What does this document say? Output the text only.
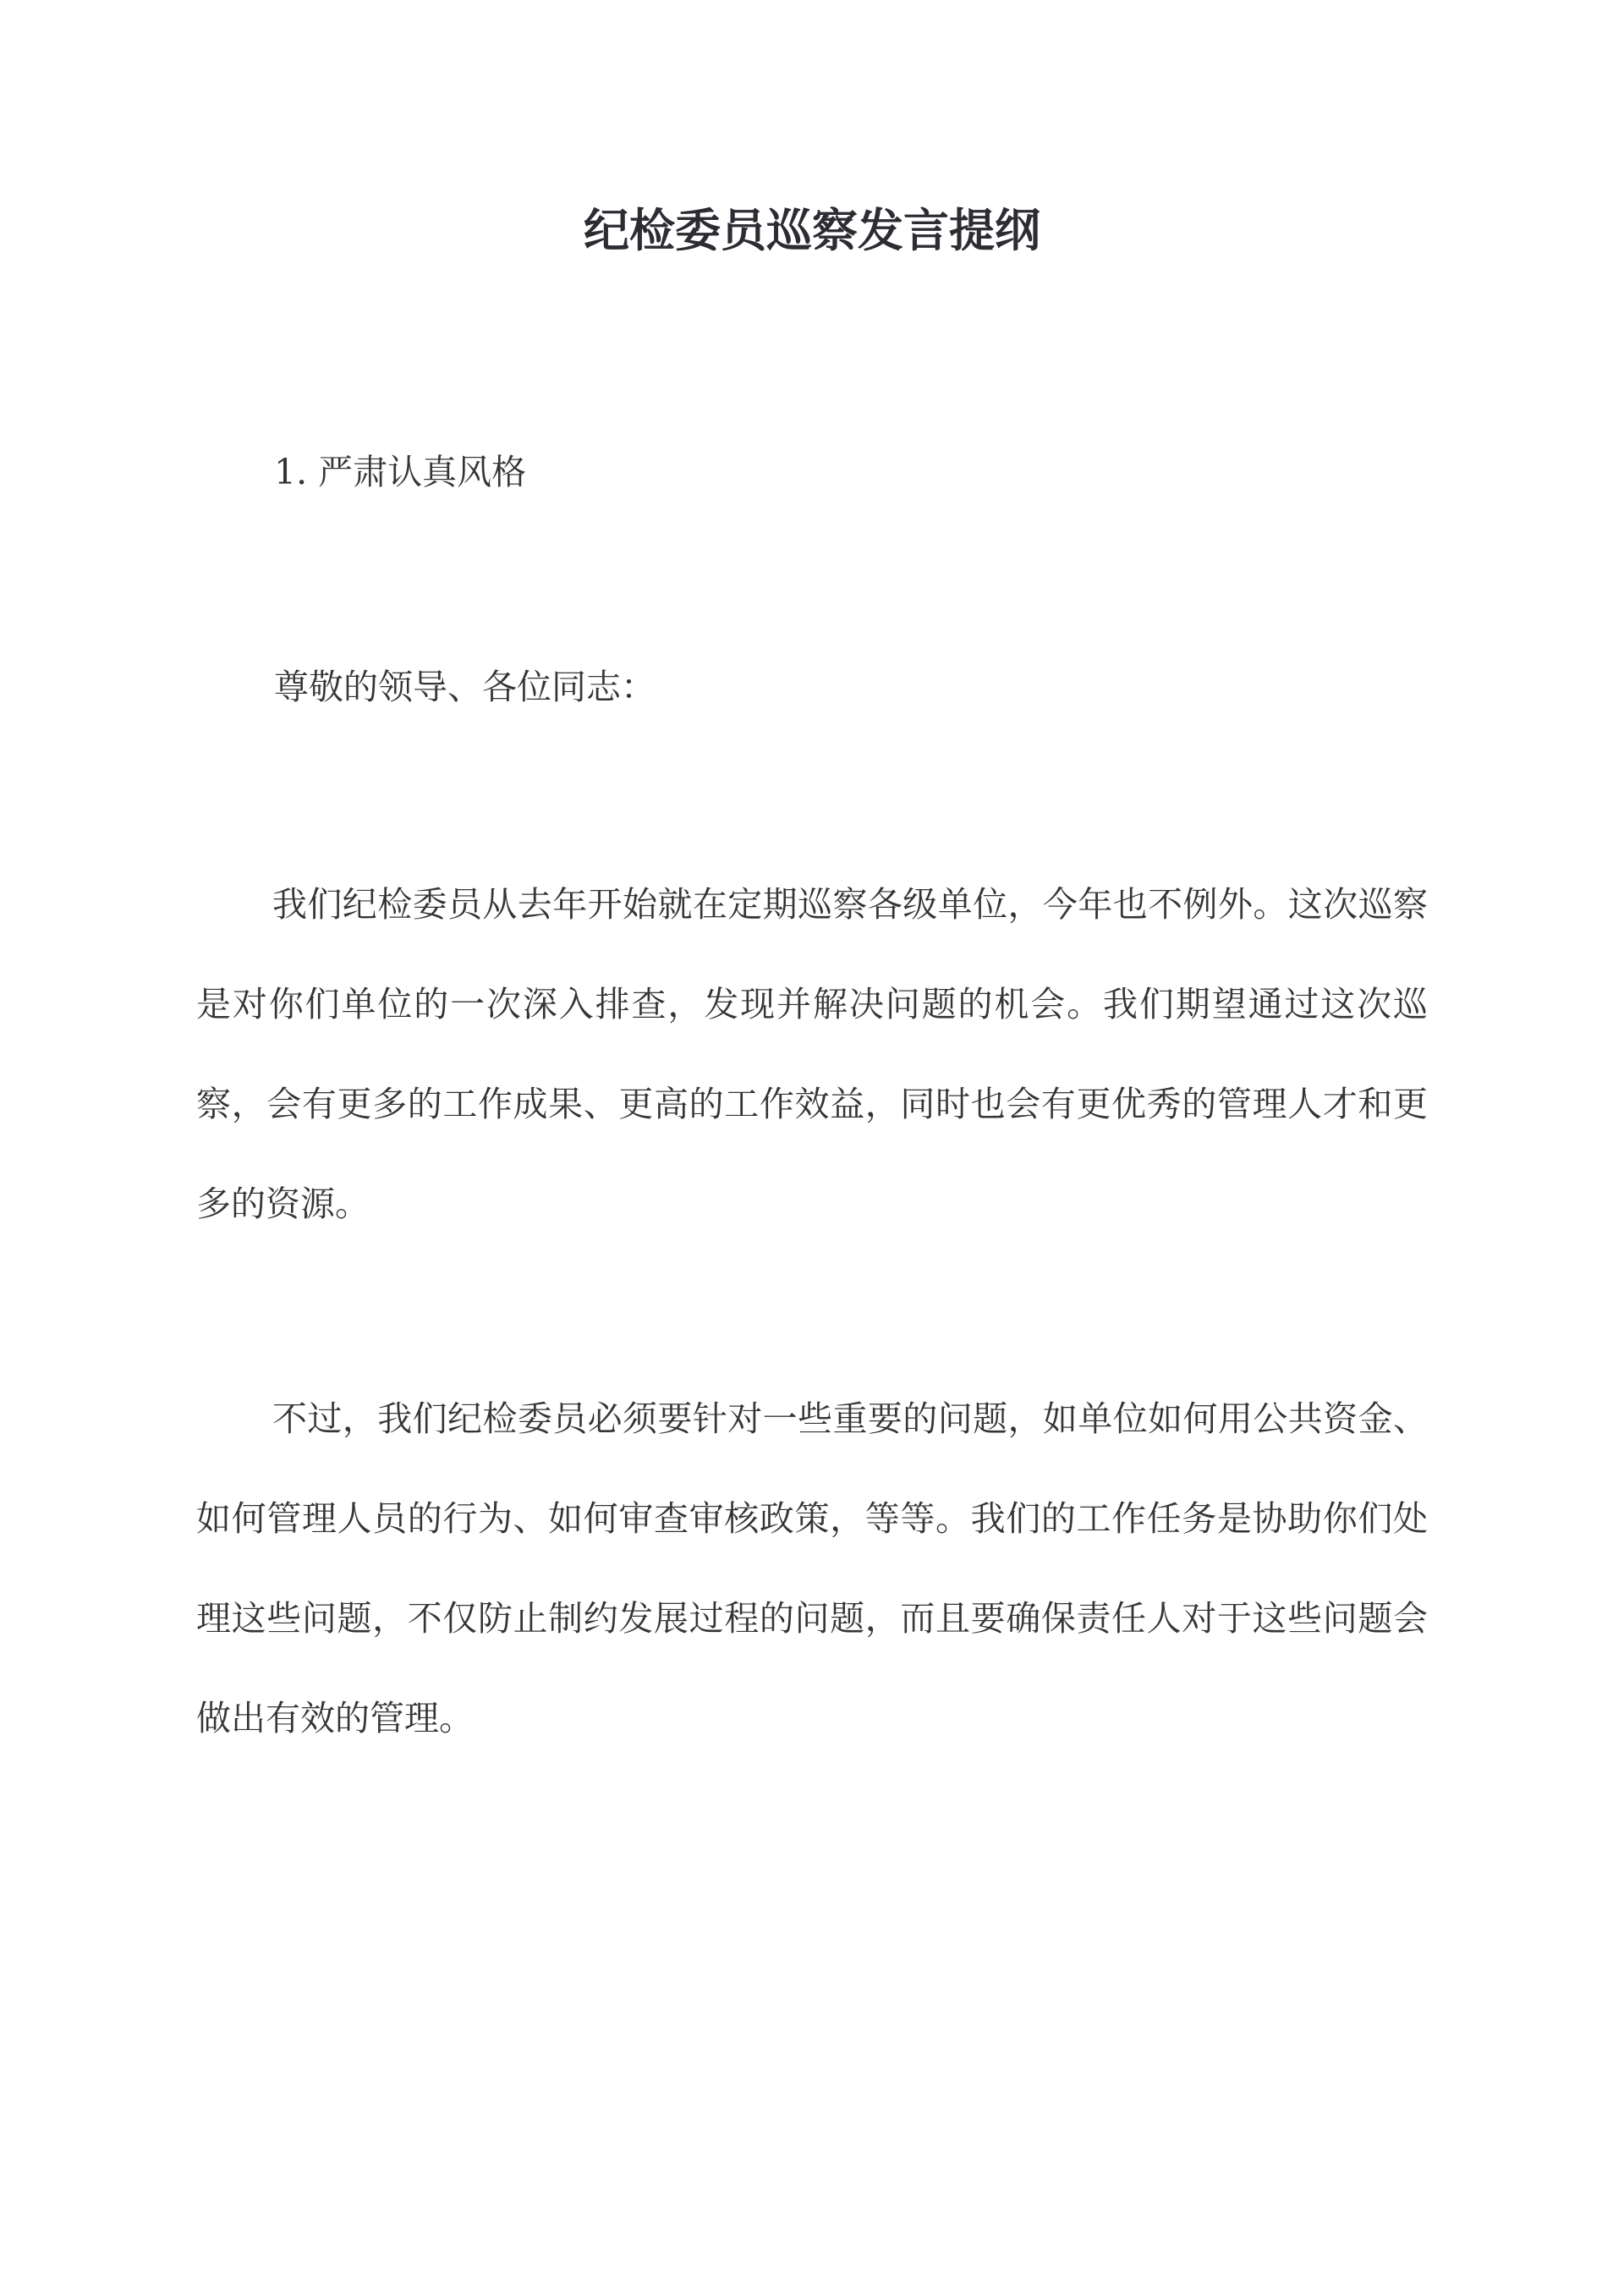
纪检委员巡察发言提纲
1. 严肃认真风格
尊敬的领导、各位同志：
我们纪检委员从去年开始就在定期巡察各级单位，今年也不例外。这次巡察是对你们单位的一次深入排查，发现并解决问题的机会。我们期望通过这次巡察，会有更多的工作成果、更高的工作效益，同时也会有更优秀的管理人才和更多的资源。
不过，我们纪检委员必须要针对一些重要的问题，如单位如何用公共资金、如何管理人员的行为、如何审查审核政策，等等。我们的工作任务是协助你们处理这些问题，不仅防止制约发展过程的问题，而且要确保责任人对于这些问题会做出有效的管理。
